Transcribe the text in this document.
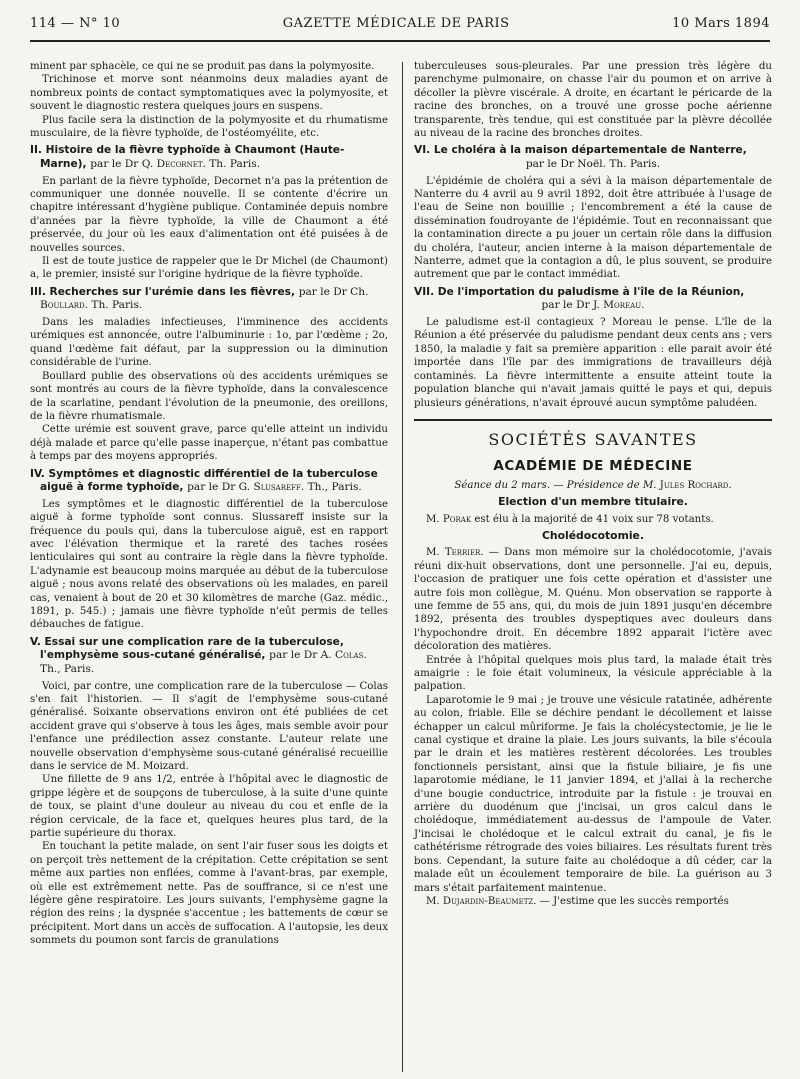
114 — N° 10	GAZETTE MÉDICALE DE PARIS	10 Mars 1894

minent par sphacèle, ce qui ne se produit pas dans la polymyosite.

Trichinose et morve sont néanmoins deux maladies ayant de nombreux points de contact symptomatiques avec la polymyosite, et souvent le diagnostic restera quelques jours en suspens.

Plus facile sera la distinction de la polymyosite et du rhumatisme musculaire, de la fièvre typhoïde, de l'ostéomyélite, etc.

II. Histoire de la fièvre typhoïde à Chaumont (Haute-Marne), par le Dr Q. Decornet. Th. Paris.

En parlant de la fièvre typhoïde, Decornet n'a pas la prétention de communiquer une donnée nouvelle. Il se contente d'écrire un chapitre intéressant d'hygiène publique. Contaminée depuis nombre d'années par la fièvre typhoïde, la ville de Chaumont a été préservée, du jour où les eaux d'alimentation ont été puisées à de nouvelles sources.

Il est de toute justice de rappeler que le Dr Michel (de Chaumont) a, le premier, insisté sur l'origine hydrique de la fièvre typhoïde.

III. Recherches sur l'urémie dans les fièvres, par le Dr Ch. Boullard. Th. Paris.

Dans les maladies infectieuses, l'imminence des accidents urémiques est annoncée, outre l'albuminurie : 1o, par l'œdème ; 2o, quand l'œdème fait défaut, par la suppression ou la diminution considérable de l'urine.

Boullard publie des observations où des accidents urémiques se sont montrés au cours de la fièvre typhoïde, dans la convalescence de la scarlatine, pendant l'évolution de la pneumonie, des oreillons, de la fièvre rhumatismale.

Cette urémie est souvent grave, parce qu'elle atteint un individu déjà malade et parce qu'elle passe inaperçue, n'étant pas combattue à temps par des moyens appropriés.

IV. Symptômes et diagnostic différentiel de la tuberculose aiguë à forme typhoïde, par le Dr G. Slusareff. Th., Paris.

Les symptômes et le diagnostic différentiel de la tuberculose aiguë à forme typhoïde sont connus. Slussareff insiste sur la fréquence du pouls qui, dans la tuberculose aiguë, est en rapport avec l'élévation thermique et la rareté des taches rosées lenticulaires qui sont au contraire la règle dans la fièvre typhoïde. L'adynamie est beaucoup moins marquée au début de la tuberculose aiguë ; nous avons relaté des observations où les malades, en pareil cas, venaient à bout de 20 et 30 kilomètres de marche (Gaz. médic., 1891, p. 545.) ; jamais une fièvre typhoïde n'eût permis de telles débauches de fatigue.

V. Essai sur une complication rare de la tuberculose, l'emphysème sous-cutané généralisé, par le Dr A. Colas. Th., Paris.

Voici, par contre, une complication rare de la tuberculose — Colas s'en fait l'historien. — Il s'agit de l'emphysème sous-cutané généralisé. Soixante observations environ ont été publiées de cet accident grave qui s'observe à tous les âges, mais semble avoir pour l'enfance une prédilection assez constante. L'auteur relate une nouvelle observation d'emphysème sous-cutané généralisé recueillie dans le service de M. Moizard.

Une fillette de 9 ans 1/2, entrée à l'hôpital avec le diagnostic de grippe légère et de soupçons de tuberculose, à la suite d'une quinte de toux, se plaint d'une douleur au niveau du cou et enfle de la région cervicale, de la face et, quelques heures plus tard, de la partie supérieure du thorax.

En touchant la petite malade, on sent l'air fuser sous les doigts et on perçoit très nettement de la crépitation. Cette crépitation se sent même aux parties non enflées, comme à l'avant-bras, par exemple, où elle est extrêmement nette. Pas de souffrance, si ce n'est une légère gêne respiratoire. Les jours suivants, l'emphysème gagne la région des reins ; la dyspnée s'accentue ; les battements de cœur se précipitent. Mort dans un accès de suffocation. A l'autopsie, les deux sommets du poumon sont farcis de granulations

tuberculeuses sous-pleurales. Par une pression très légère du parenchyme pulmonaire, on chasse l'air du poumon et on arrive à décoller la plèvre viscérale. A droite, en écartant le péricarde de la racine des bronches, on a trouvé une grosse poche aérienne transparente, très tendue, qui est constituée par la plèvre décollée au niveau de la racine des bronches droites.

VI. Le choléra à la maison départementale de Nanterre,
par le Dr Noël. Th. Paris.

L'épidémie de choléra qui a sévi à la maison départementale de Nanterre du 4 avril au 9 avril 1892, doit être attribuée à l'usage de l'eau de Seine non bouillie ; l'encombrement a été la cause de dissémination foudroyante de l'épidémie. Tout en reconnaissant que la contamination directe a pu jouer un certain rôle dans la diffusion du choléra, l'auteur, ancien interne à la maison départementale de Nanterre, admet que la contagion a dû, le plus souvent, se produire autrement que par le contact immédiat.

VII. De l'importation du paludisme à l'île de la Réunion,
par le Dr J. Moreau.

Le paludisme est-il contagieux ? Moreau le pense. L'île de la Réunion a été préservée du paludisme pendant deux cents ans ; vers 1850, la maladie y fait sa première apparition : elle parait avoir été importée dans l'île par des immigrations de travailleurs déjà contaminés. La fièvre intermittente a ensuite atteint toute la population blanche qui n'avait jamais quitté le pays et qui, depuis plusieurs générations, n'avait éprouvé aucun symptôme paludéen.

SOCIÉTÉS SAVANTES
ACADÉMIE DE MÉDECINE
Séance du 2 mars. — Présidence de M. Jules Rochard.
Election d'un membre titulaire.

M. Porak est élu à la majorité de 41 voix sur 78 votants.

Cholédocotomie.

M. Terrier. — Dans mon mémoire sur la cholédocotomie, j'avais réuni dix-huit observations, dont une personnelle. J'ai eu, depuis, l'occasion de pratiquer une fois cette opération et d'assister une autre fois mon collègue, M. Quénu. Mon observation se rapporte à une femme de 55 ans, qui, du mois de juin 1891 jusqu'en décembre 1892, présenta des troubles dyspeptiques avec douleurs dans l'hypochondre droit. En décembre 1892 apparait l'ictère avec décoloration des matières.

Entrée à l'hôpital quelques mois plus tard, la malade était très amaigrie : le foie était volumineux, la vésicule appréciable à la palpation.

Laparotomie le 9 mai ; je trouve une vésicule ratatinée, adhérente au colon, friable. Elle se déchire pendant le décollement et laisse échapper un calcul mûriforme. Je fais la cholécystectomie, je lie le canal cystique et draine la plaie. Les jours suivants, la bile s'écoula par le drain et les matières restèrent décolorées. Les troubles fonctionnels persistant, ainsi que la fistule biliaire, je fis une laparotomie médiane, le 11 janvier 1894, et j'allai à la recherche d'une bougie conductrice, introduite par la fistule : je trouvai en arrière du duodénum que j'incisai, un gros calcul dans le cholédoque, immédiatement au-dessus de l'ampoule de Vater. J'incisai le cholédoque et le calcul extrait du canal, je fis le cathétérisme rétrograde des voies biliaires. Les résultats furent très bons. Cependant, la suture faite au cholédoque a dû céder, car la malade eût un écoulement temporaire de bile. La guérison au 3 mars s'était parfaitement maintenue.

M. Dujardin-Beaumetz. — J'estime que les succès remportés
